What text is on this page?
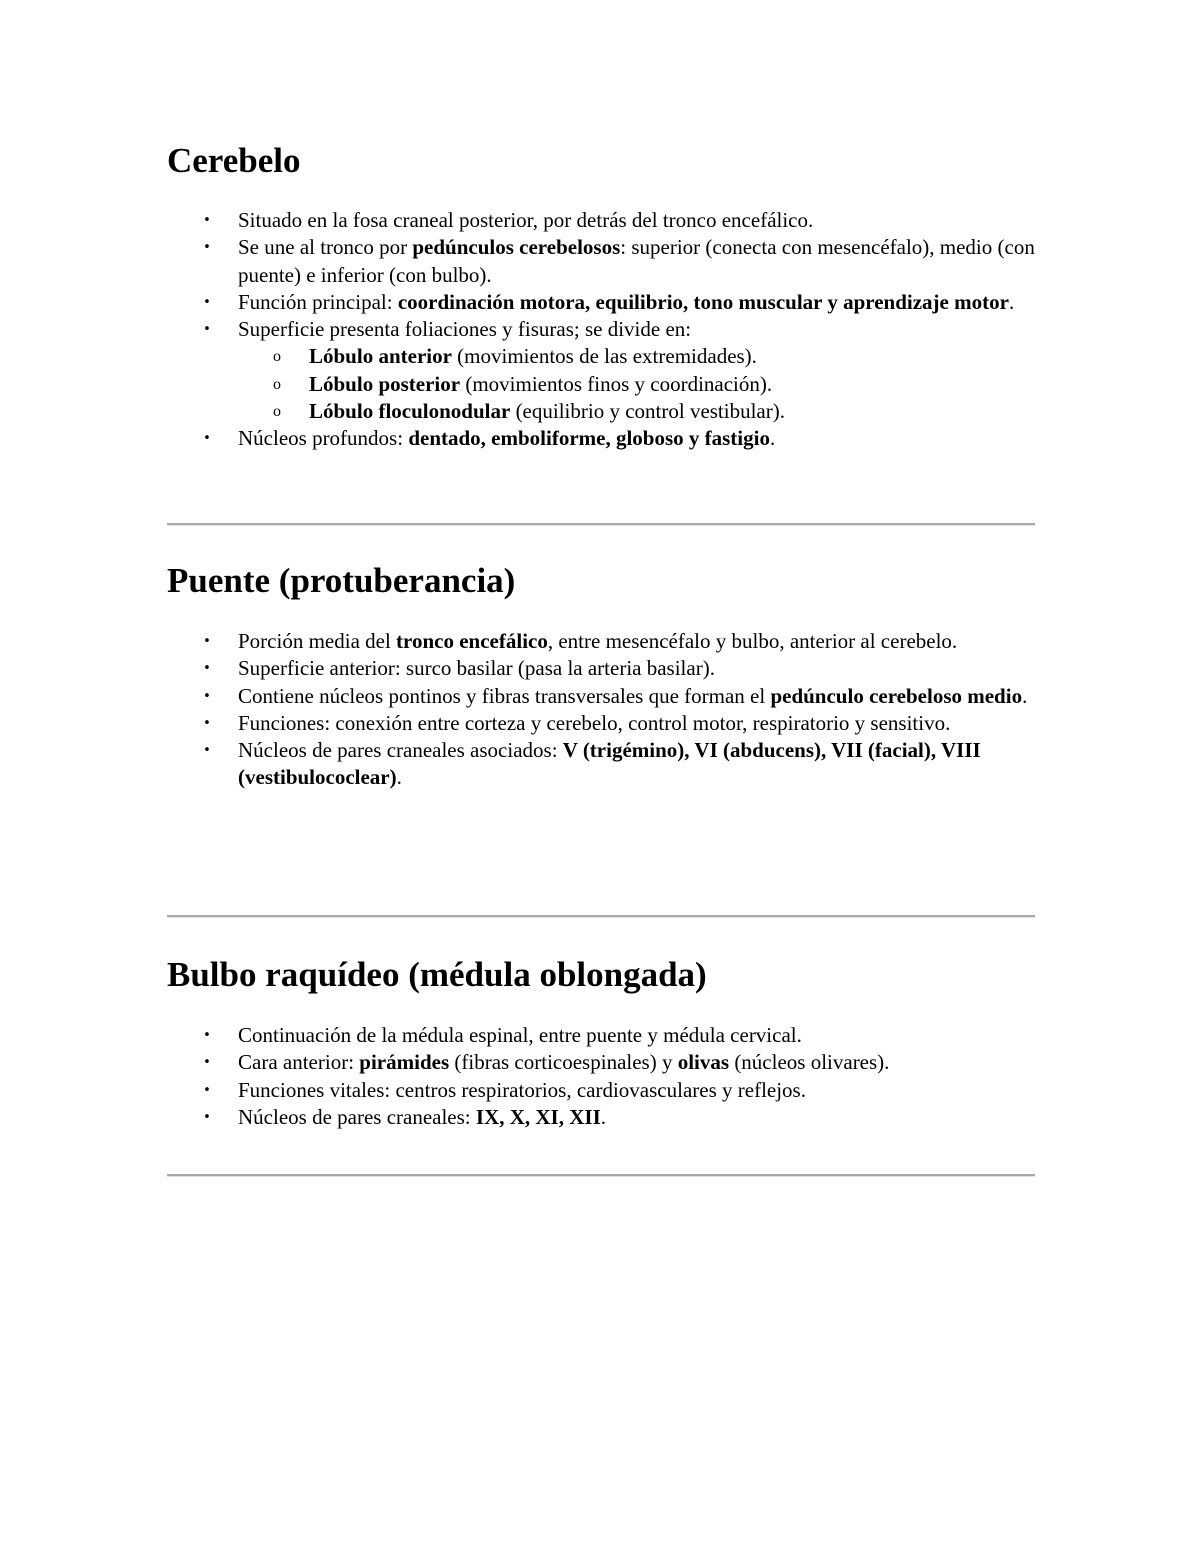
Cerebelo
• Situado en la fosa craneal posterior, por detrás del tronco encefálico.
• Se une al tronco por pedúnculos cerebelosos: superior (conecta con mesencéfalo), medio (con puente) e inferior (con bulbo).
• Función principal: coordinación motora, equilibrio, tono muscular y aprendizaje motor.
• Superficie presenta foliaciones y fisuras; se divide en:
o Lóbulo anterior (movimientos de las extremidades).
o Lóbulo posterior (movimientos finos y coordinación).
o Lóbulo floculonodular (equilibrio y control vestibular).
• Núcleos profundos: dentado, emboliforme, globoso y fastigio.
Puente (protuberancia)
• Porción media del tronco encefálico, entre mesencéfalo y bulbo, anterior al cerebelo.
• Superficie anterior: surco basilar (pasa la arteria basilar).
• Contiene núcleos pontinos y fibras transversales que forman el pedúnculo cerebeloso medio.
• Funciones: conexión entre corteza y cerebelo, control motor, respiratorio y sensitivo.
• Núcleos de pares craneales asociados: V (trigémino), VI (abducens), VII (facial), VIII (vestibulococlear).
Bulbo raquídeo (médula oblongada)
• Continuación de la médula espinal, entre puente y médula cervical.
• Cara anterior: pirámides (fibras corticoespinales) y olivas (núcleos olivares).
• Funciones vitales: centros respiratorios, cardiovasculares y reflejos.
• Núcleos de pares craneales: IX, X, XI, XII.
